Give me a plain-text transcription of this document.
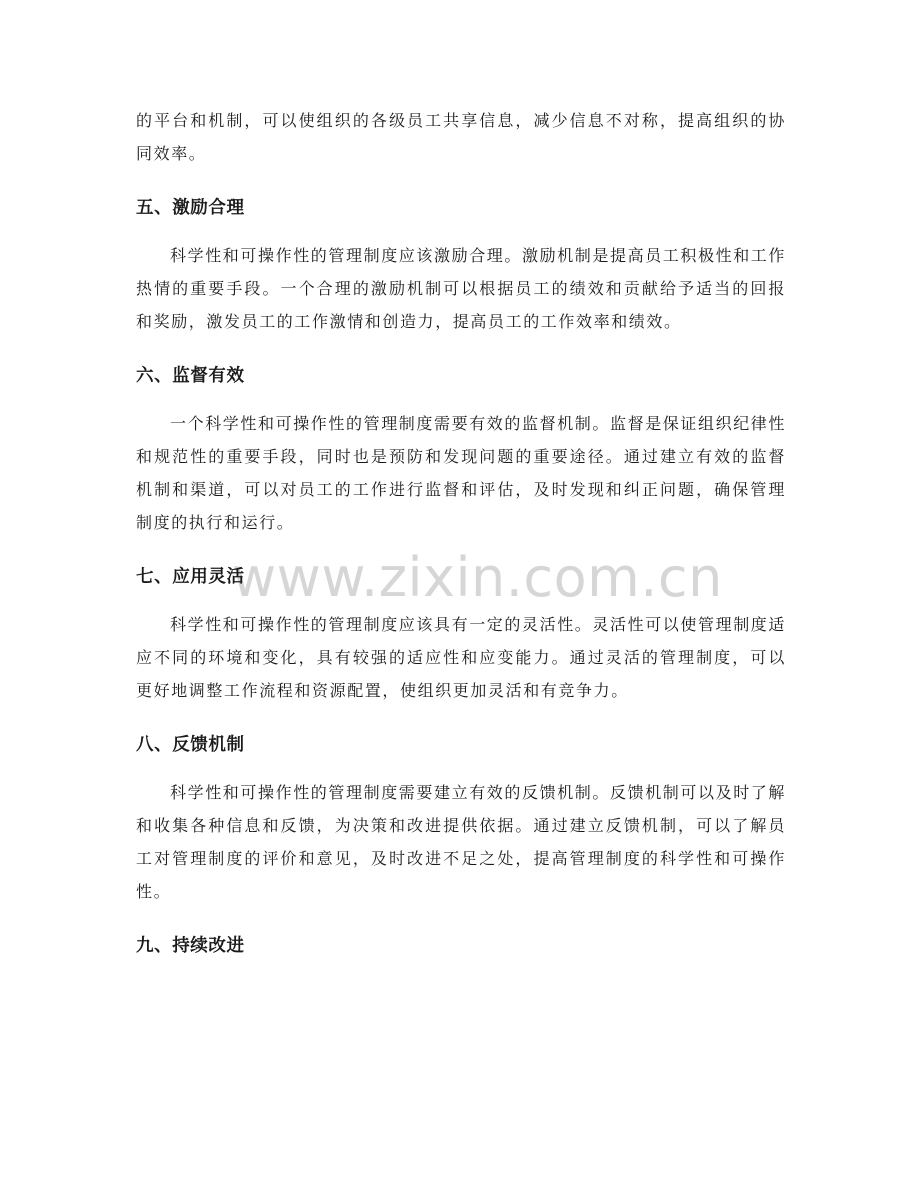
www.zixin.com.cn

的平台和机制，可以使组织的各级员工共享信息，减少信息不对称，提高组织的协同效率。

五、激励合理

科学性和可操作性的管理制度应该激励合理。激励机制是提高员工积极性和工作热情的重要手段。一个合理的激励机制可以根据员工的绩效和贡献给予适当的回报和奖励，激发员工的工作激情和创造力，提高员工的工作效率和绩效。

六、监督有效

一个科学性和可操作性的管理制度需要有效的监督机制。监督是保证组织纪律性和规范性的重要手段，同时也是预防和发现问题的重要途径。通过建立有效的监督机制和渠道，可以对员工的工作进行监督和评估，及时发现和纠正问题，确保管理制度的执行和运行。

七、应用灵活

科学性和可操作性的管理制度应该具有一定的灵活性。灵活性可以使管理制度适应不同的环境和变化，具有较强的适应性和应变能力。通过灵活的管理制度，可以更好地调整工作流程和资源配置，使组织更加灵活和有竞争力。

八、反馈机制

科学性和可操作性的管理制度需要建立有效的反馈机制。反馈机制可以及时了解和收集各种信息和反馈，为决策和改进提供依据。通过建立反馈机制，可以了解员工对管理制度的评价和意见，及时改进不足之处，提高管理制度的科学性和可操作性。

九、持续改进
